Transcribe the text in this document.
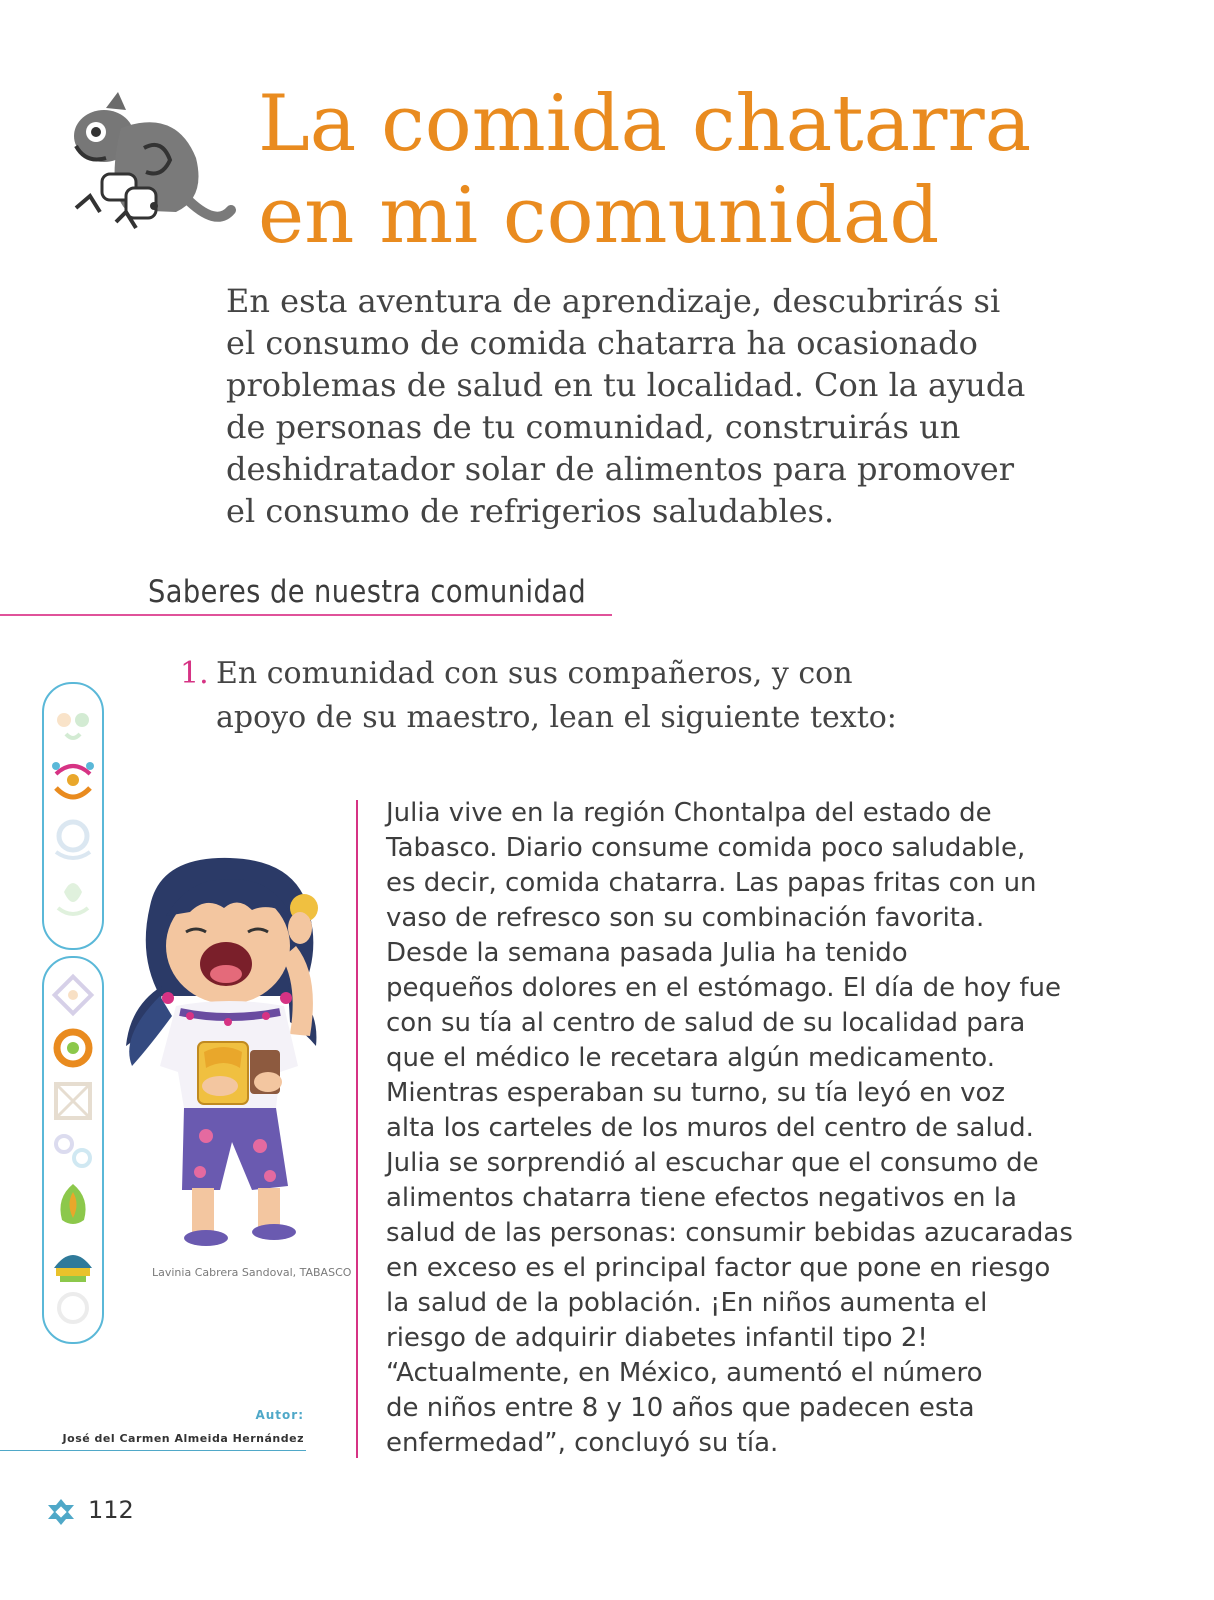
La comida chatarra
en mi comunidad
En esta aventura de aprendizaje, descubrirás si
el consumo de comida chatarra ha ocasionado
problemas de salud en tu localidad. Con la ayuda
de personas de tu comunidad, construirás un
deshidratador solar de alimentos para promover
el consumo de refrigerios saludables.
Saberes de nuestra comunidad
1. En comunidad con sus compañeros, y con
apoyo de su maestro, lean el siguiente texto:
Lavinia Cabrera Sandoval, TABASCO
Julia vive en la región Chontalpa del estado de
Tabasco. Diario consume comida poco saludable,
es decir, comida chatarra. Las papas fritas con un
vaso de refresco son su combinación favorita.
Desde la semana pasada Julia ha tenido
pequeños dolores en el estómago. El día de hoy fue
con su tía al centro de salud de su localidad para
que el médico le recetara algún medicamento.
Mientras esperaban su turno, su tía leyó en voz
alta los carteles de los muros del centro de salud.
Julia se sorprendió al escuchar que el consumo de
alimentos chatarra tiene efectos negativos en la
salud de las personas: consumir bebidas azucaradas
en exceso es el principal factor que pone en riesgo
la salud de la población. ¡En niños aumenta el
riesgo de adquirir diabetes infantil tipo 2!
“Actualmente, en México, aumentó el número
de niños entre 8 y 10 años que padecen esta
enfermedad”, concluyó su tía.
Autor:
José del Carmen Almeida Hernández
112
